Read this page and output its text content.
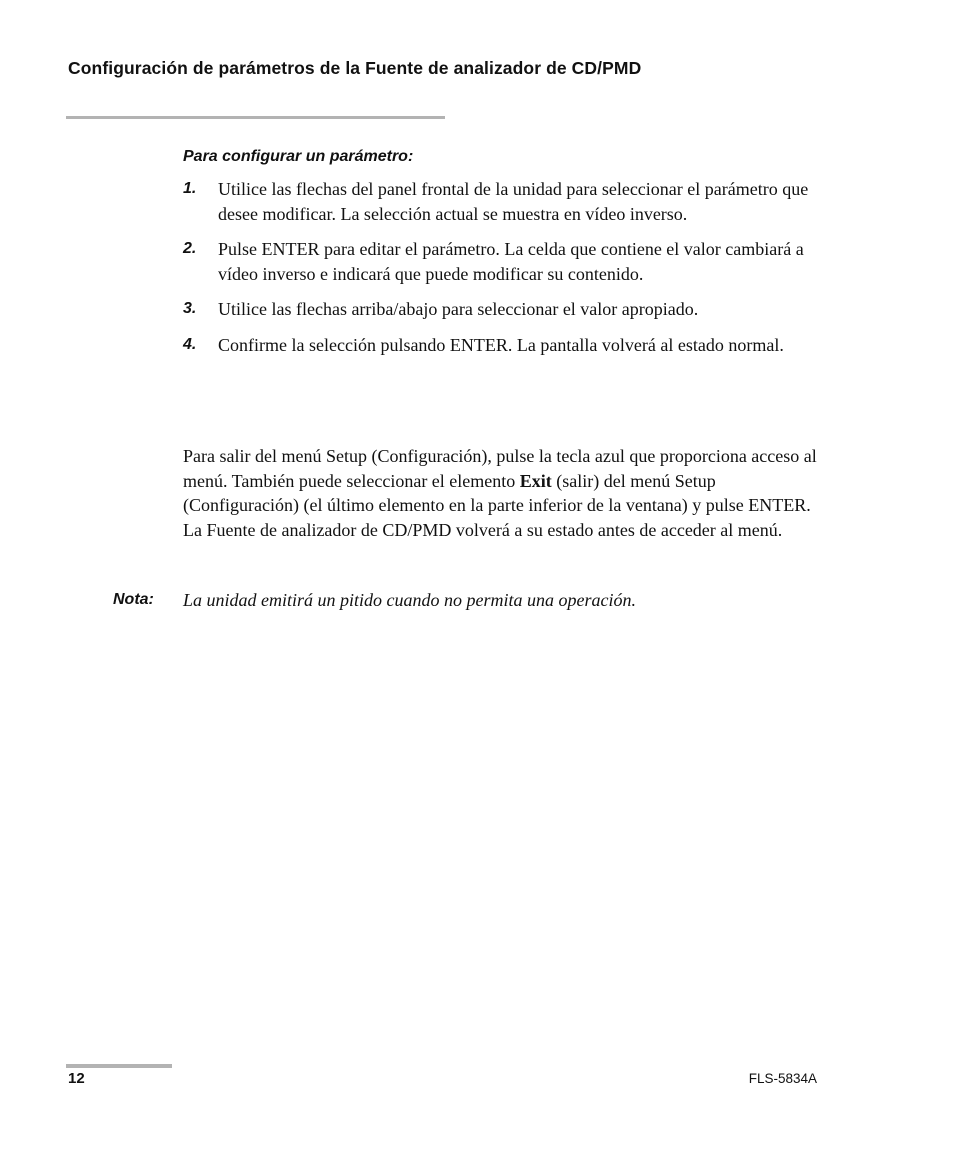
Configuración de parámetros de la Fuente de analizador de CD/PMD
Para configurar un parámetro:
1. Utilice las flechas del panel frontal de la unidad para seleccionar el parámetro que desee modificar. La selección actual se muestra en vídeo inverso.
2. Pulse ENTER para editar el parámetro. La celda que contiene el valor cambiará a vídeo inverso e indicará que puede modificar su contenido.
3. Utilice las flechas arriba/abajo para seleccionar el valor apropiado.
4. Confirme la selección pulsando ENTER. La pantalla volverá al estado normal.

Para salir del menú Setup (Configuración), pulse la tecla azul que proporciona acceso al menú. También puede seleccionar el elemento Exit (salir) del menú Setup (Configuración) (el último elemento en la parte inferior de la ventana) y pulse ENTER. La Fuente de analizador de CD/PMD volverá a su estado antes de acceder al menú.

Nota: La unidad emitirá un pitido cuando no permita una operación.
12	FLS-5834A
